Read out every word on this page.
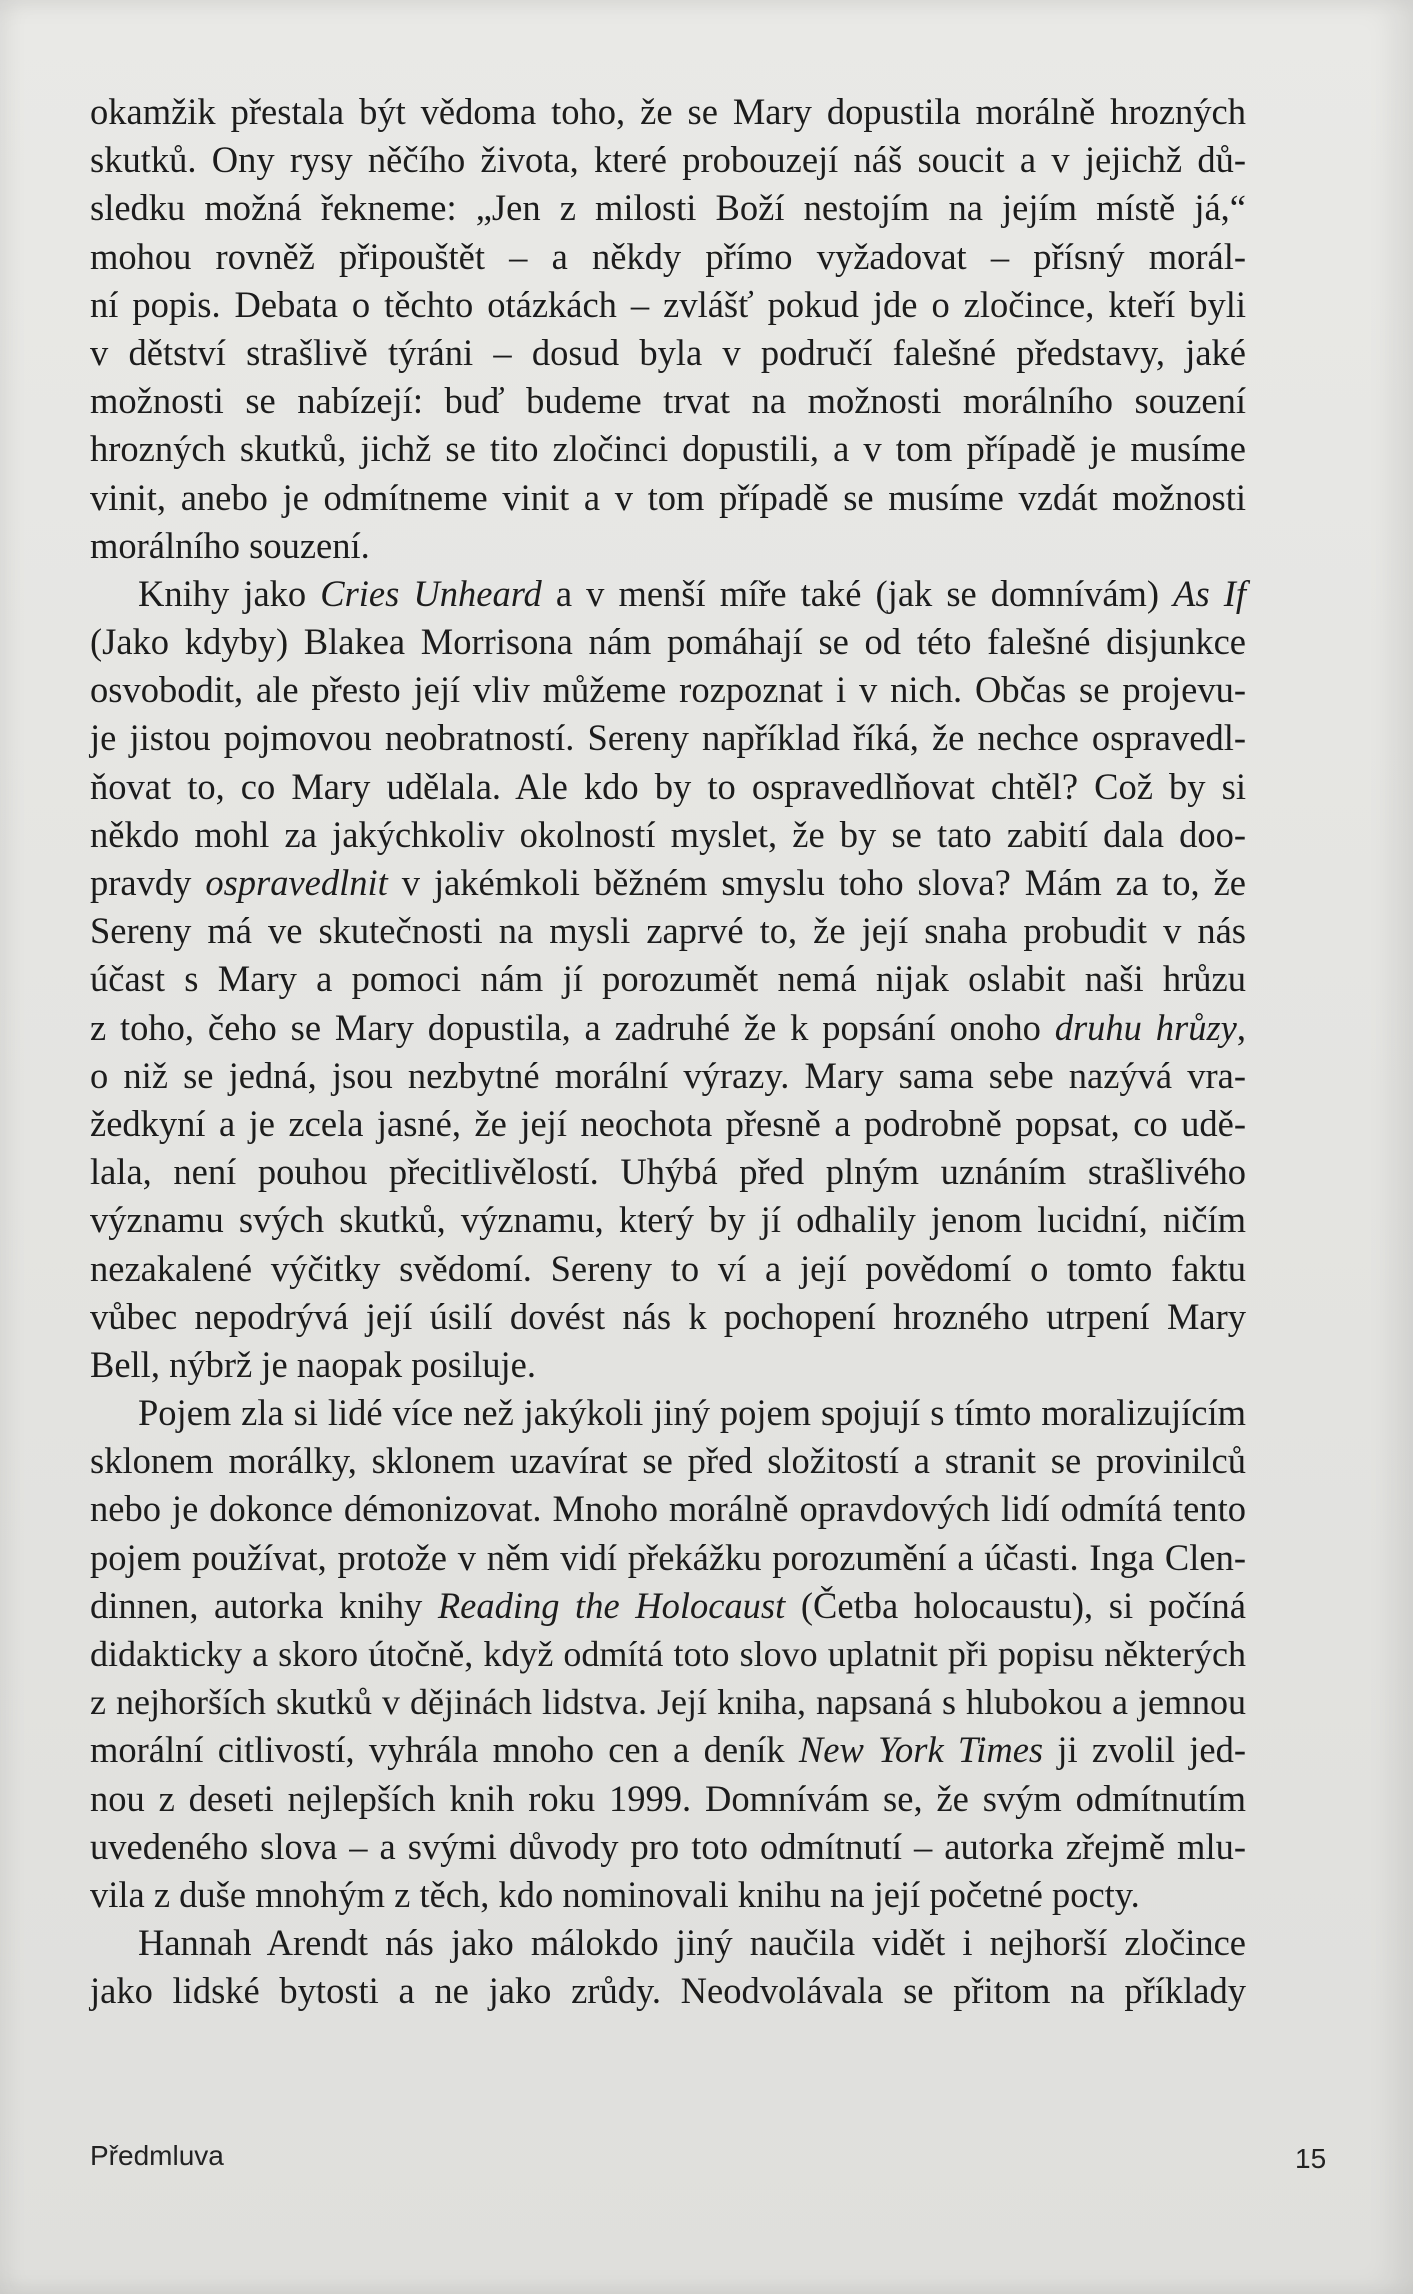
okamžik přestala být vědoma toho, že se Mary dopustila morálně hrozných
skutků. Ony rysy něčího života, které probouzejí náš soucit a v jejichž dů-
sledku možná řekneme: „Jen z milosti Boží nestojím na jejím místě já,“
mohou rovněž připouštět – a někdy přímo vyžadovat – přísný morál-
ní popis. Debata o těchto otázkách – zvlášť pokud jde o zločince, kteří byli
v dětství strašlivě týráni – dosud byla v područí falešné představy, jaké
možnosti se nabízejí: buď budeme trvat na možnosti morálního souzení
hrozných skutků, jichž se tito zločinci dopustili, a v tom případě je musíme
vinit, anebo je odmítneme vinit a v tom případě se musíme vzdát možnosti
morálního souzení.
Knihy jako Cries Unheard a v menší míře také (jak se domnívám) As If
(Jako kdyby) Blakea Morrisona nám pomáhají se od této falešné disjunkce
osvobodit, ale přesto její vliv můžeme rozpoznat i v nich. Občas se projevu-
je jistou pojmovou neobratností. Sereny například říká, že nechce ospravedl-
ňovat to, co Mary udělala. Ale kdo by to ospravedlňovat chtěl? Což by si
někdo mohl za jakýchkoliv okolností myslet, že by se tato zabití dala doo-
pravdy ospravedlnit v jakémkoli běžném smyslu toho slova? Mám za to, že
Sereny má ve skutečnosti na mysli zaprvé to, že její snaha probudit v nás
účast s Mary a pomoci nám jí porozumět nemá nijak oslabit naši hrůzu
z toho, čeho se Mary dopustila, a zadruhé že k popsání onoho druhu hrůzy,
o niž se jedná, jsou nezbytné morální výrazy. Mary sama sebe nazývá vra-
žedkyní a je zcela jasné, že její neochota přesně a podrobně popsat, co udě-
lala, není pouhou přecitlivělostí. Uhýbá před plným uznáním strašlivého
významu svých skutků, významu, který by jí odhalily jenom lucidní, ničím
nezakalené výčitky svědomí. Sereny to ví a její povědomí o tomto faktu
vůbec nepodrývá její úsilí dovést nás k pochopení hrozného utrpení Mary
Bell, nýbrž je naopak posiluje.
Pojem zla si lidé více než jakýkoli jiný pojem spojují s tímto moralizujícím
sklonem morálky, sklonem uzavírat se před složitostí a stranit se provinilců
nebo je dokonce démonizovat. Mnoho morálně opravdových lidí odmítá tento
pojem používat, protože v něm vidí překážku porozumění a účasti. Inga Clen-
dinnen, autorka knihy Reading the Holocaust (Četba holocaustu), si počíná
didakticky a skoro útočně, když odmítá toto slovo uplatnit při popisu některých
z nejhorších skutků v dějinách lidstva. Její kniha, napsaná s hlubokou a jemnou
morální citlivostí, vyhrála mnoho cen a deník New York Times ji zvolil jed-
nou z deseti nejlepších knih roku 1999. Domnívám se, že svým odmítnutím
uvedeného slova – a svými důvody pro toto odmítnutí – autorka zřejmě mlu-
vila z duše mnohým z těch, kdo nominovali knihu na její početné pocty.
Hannah Arendt nás jako málokdo jiný naučila vidět i nejhorší zločince
jako lidské bytosti a ne jako zrůdy. Neodvolávala se přitom na příklady
Předmluva	15
